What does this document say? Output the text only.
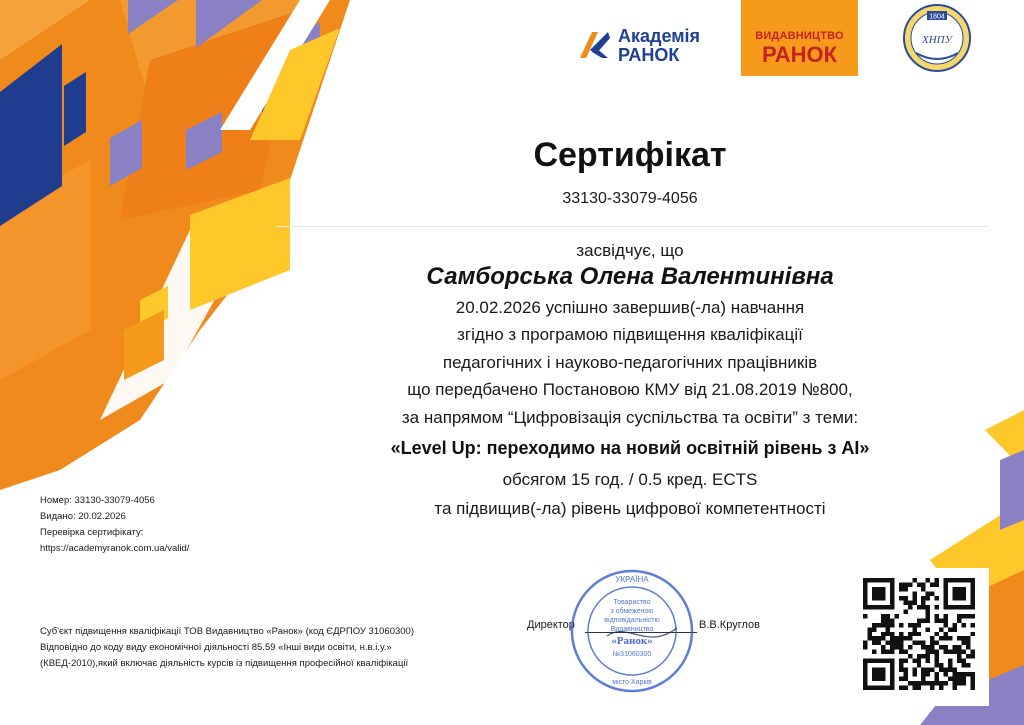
Академія
РАНОК
ВИДАВНИЦТВО
РАНОК
1804
ХНПУ
Сертифікат
33130-33079-4056
засвідчує, що
Самборська Олена Валентинівна
20.02.2026 успішно завершив(-ла) навчання
згідно з програмою підвищення кваліфікації
педагогічних і науково-педагогічних працівників
що передбачено Постановою КМУ від 21.08.2019 №800,
за напрямом “Цифровізація суспільства та освіти” з теми:
«Level Up: переходимо на новий освітній рівень з AI»
обсягом 15 год. / 0.5 кред. ECTS
та підвищив(-ла) рівень цифрової компетентності
Номер: 33130-33079-4056
Видано: 20.02.2026
Перевірка сертифікату:
https://academyranok.com.ua/valid/
Суб'єкт підвищення кваліфікації ТОВ Видавництво «Ранок» (код ЄДРПОУ 31060300)
Відповідно до коду виду економічної діяльності 85.59 «Інші види освіти, н.в.і.у.»
(КВЕД-2010),який включає діяльність курсів із підвищення професійної кваліфікації
Директор	В.В.Круглов
УКРАЇНА
Товариство
з обмеженою
відповідальністю
Видавництво
«Ранок»
№31060300
місто Харків
